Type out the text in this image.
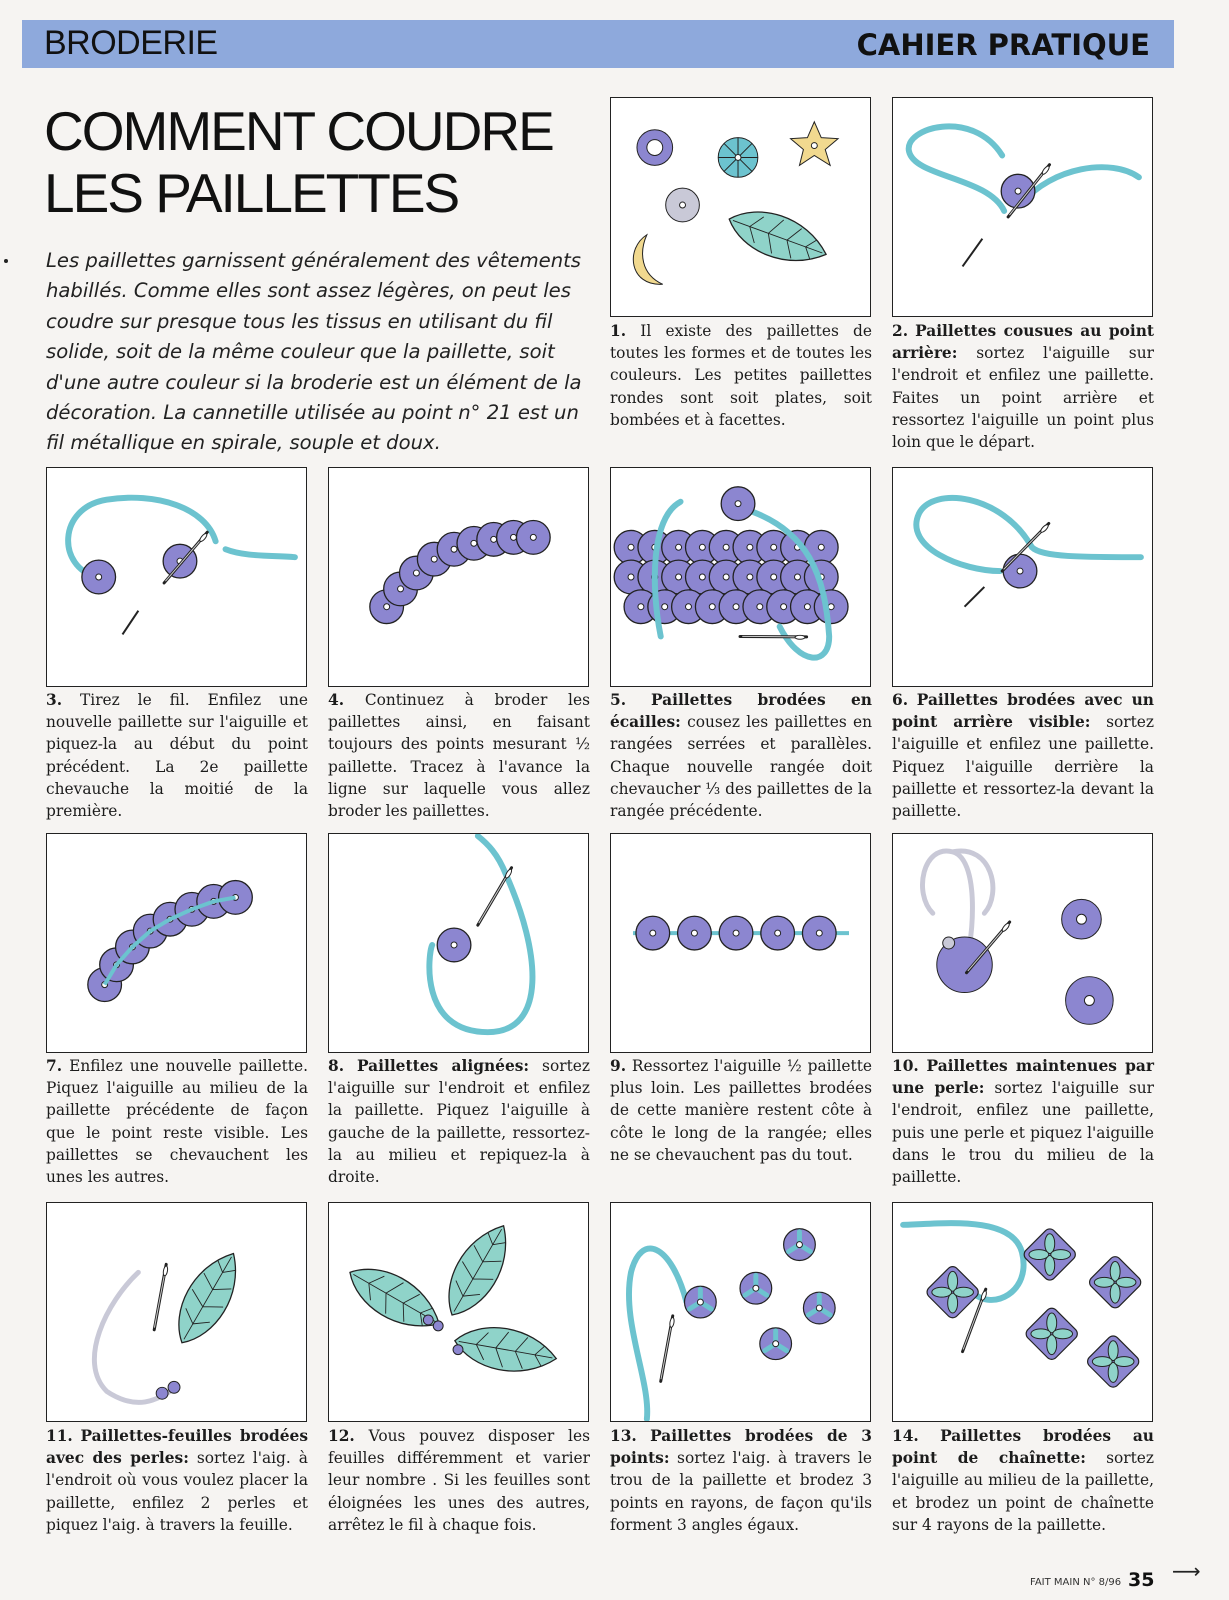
BRODERIE	CAHIER PRATIQUE
COMMENT COUDRE
LES PAILLETTES

Les paillettes garnissent généralement des vêtements habillés. Comme elles sont assez légères, on peut les coudre sur presque tous les tissus en utilisant du fil solide, soit de la même couleur que la paillette, soit d'une autre couleur si la broderie est un élément de la décoration. La cannetille utilisée au point n° 21 est un fil métallique en spirale, souple et doux.

1. Il existe des paillettes de toutes les formes et de toutes les couleurs. Les petites paillettes rondes sont soit plates, soit bombées et à facettes.
2. Paillettes cousues au point arrière: sortez l'aiguille sur l'endroit et enfilez une paillette. Faites un point arrière et ressortez l'aiguille un point plus loin que le départ.
3. Tirez le fil. Enfilez une nouvelle paillette sur l'aiguille et piquez-la au début du point précédent. La 2e paillette chevauche la moitié de la première.
4. Continuez à broder les paillettes ainsi, en faisant toujours des points mesurant ½ paillette. Tracez à l'avance la ligne sur laquelle vous allez broder les paillettes.
5. Paillettes brodées en écailles: cousez les paillettes en rangées serrées et parallèles. Chaque nouvelle rangée doit chevaucher ⅓ des paillettes de la rangée précédente.
6. Paillettes brodées avec un point arrière visible: sortez l'aiguille et enfilez une paillette. Piquez l'aiguille derrière la paillette et ressortez-la devant la paillette.
7. Enfilez une nouvelle paillette. Piquez l'aiguille au milieu de la paillette précédente de façon que le point reste visible. Les paillettes se chevauchent les unes les autres.
8. Paillettes alignées: sortez l'aiguille sur l'endroit et enfilez la paillette. Piquez l'aiguille à gauche de la paillette, ressortez-la au milieu et repiquez-la à droite.
9. Ressortez l'aiguille ½ paillette plus loin. Les paillettes brodées de cette manière restent côte à côte le long de la rangée; elles ne se chevauchent pas du tout.
10. Paillettes maintenues par une perle: sortez l'aiguille sur l'endroit, enfilez une paillette, puis une perle et piquez l'aiguille dans le trou du milieu de la paillette.
11. Paillettes-feuilles brodées avec des perles: sortez l'aig. à l'endroit où vous voulez placer la paillette, enfilez 2 perles et piquez l'aig. à travers la feuille.
12. Vous pouvez disposer les feuilles différemment et varier leur nombre . Si les feuilles sont éloignées les unes des autres, arrêtez le fil à chaque fois.
13. Paillettes brodées de 3 points: sortez l'aig. à travers le trou de la paillette et brodez 3 points en rayons, de façon qu'ils forment 3 angles égaux.
14. Paillettes brodées au point de chaînette: sortez l'aiguille au milieu de la paillette, et brodez un point de chaînette sur 4 rayons de la paillette.
FAIT MAIN N° 8/96 35 ⟶
